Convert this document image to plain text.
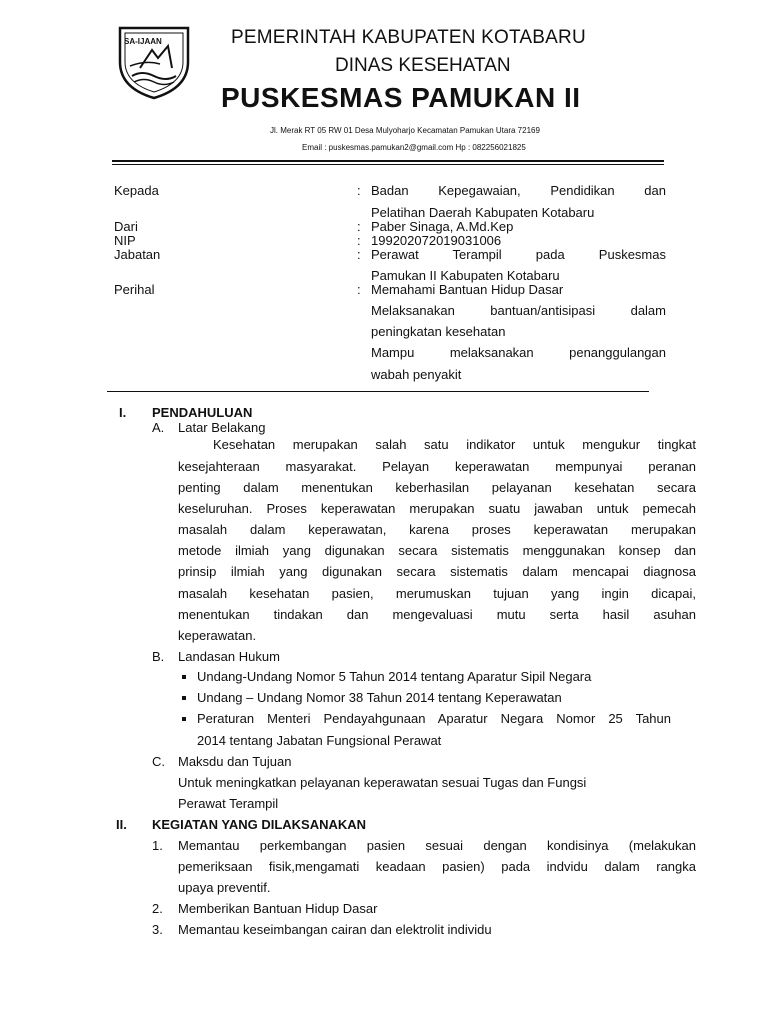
SA-IJAAN	PEMERINTAH KABUPATEN KOTABARU
DINAS KESEHATAN
PUSKESMAS PAMUKAN II
Jl. Merak RT 05 RW 01 Desa Mulyoharjo Kecamatan Pamukan Utara 72169
Email : puskesmas.pamukan2@gmail.com Hp : 082256021825
Kepada	: Badan Kepegawaian, Pendidikan dan
Pelatihan Daerah Kabupaten Kotabaru
Dari	: Paber Sinaga, A.Md.Kep
NIP	: 199202072019031006
Jabatan	: Perawat Terampil pada Puskesmas
Pamukan II Kabupaten Kotabaru
Perihal	: Memahami Bantuan Hidup Dasar
Melaksanakan bantuan/antisipasi dalam
peningkatan kesehatan
Mampu melaksanakan penanggulangan
wabah penyakit
I. PENDAHULUAN
A. Latar Belakang
Kesehatan merupakan salah satu indikator untuk mengukur tingkat
kesejahteraan masyarakat. Pelayan keperawatan mempunyai peranan
penting dalam menentukan keberhasilan pelayanan kesehatan secara
keseluruhan. Proses keperawatan merupakan suatu jawaban untuk pemecah
masalah dalam keperawatan, karena proses keperawatan merupakan
metode ilmiah yang digunakan secara sistematis menggunakan konsep dan
prinsip ilmiah yang digunakan secara sistematis dalam mencapai diagnosa
masalah kesehatan pasien, merumuskan tujuan yang ingin dicapai,
menentukan tindakan dan mengevaluasi mutu serta hasil asuhan
keperawatan.
B. Landasan Hukum
Undang-Undang Nomor 5 Tahun 2014 tentang Aparatur Sipil Negara
Undang – Undang Nomor 38 Tahun 2014 tentang Keperawatan
Peraturan Menteri Pendayahgunaan Aparatur Negara Nomor 25 Tahun
2014 tentang Jabatan Fungsional Perawat
C. Maksdu dan Tujuan
Untuk meningkatkan pelayanan keperawatan sesuai Tugas dan Fungsi
Perawat Terampil
II. KEGIATAN YANG DILAKSANAKAN
1. Memantau perkembangan pasien sesuai dengan kondisinya (melakukan
pemeriksaan fisik,mengamati keadaan pasien) pada indvidu dalam rangka
upaya preventif.
2. Memberikan Bantuan Hidup Dasar
3. Memantau keseimbangan cairan dan elektrolit individu
